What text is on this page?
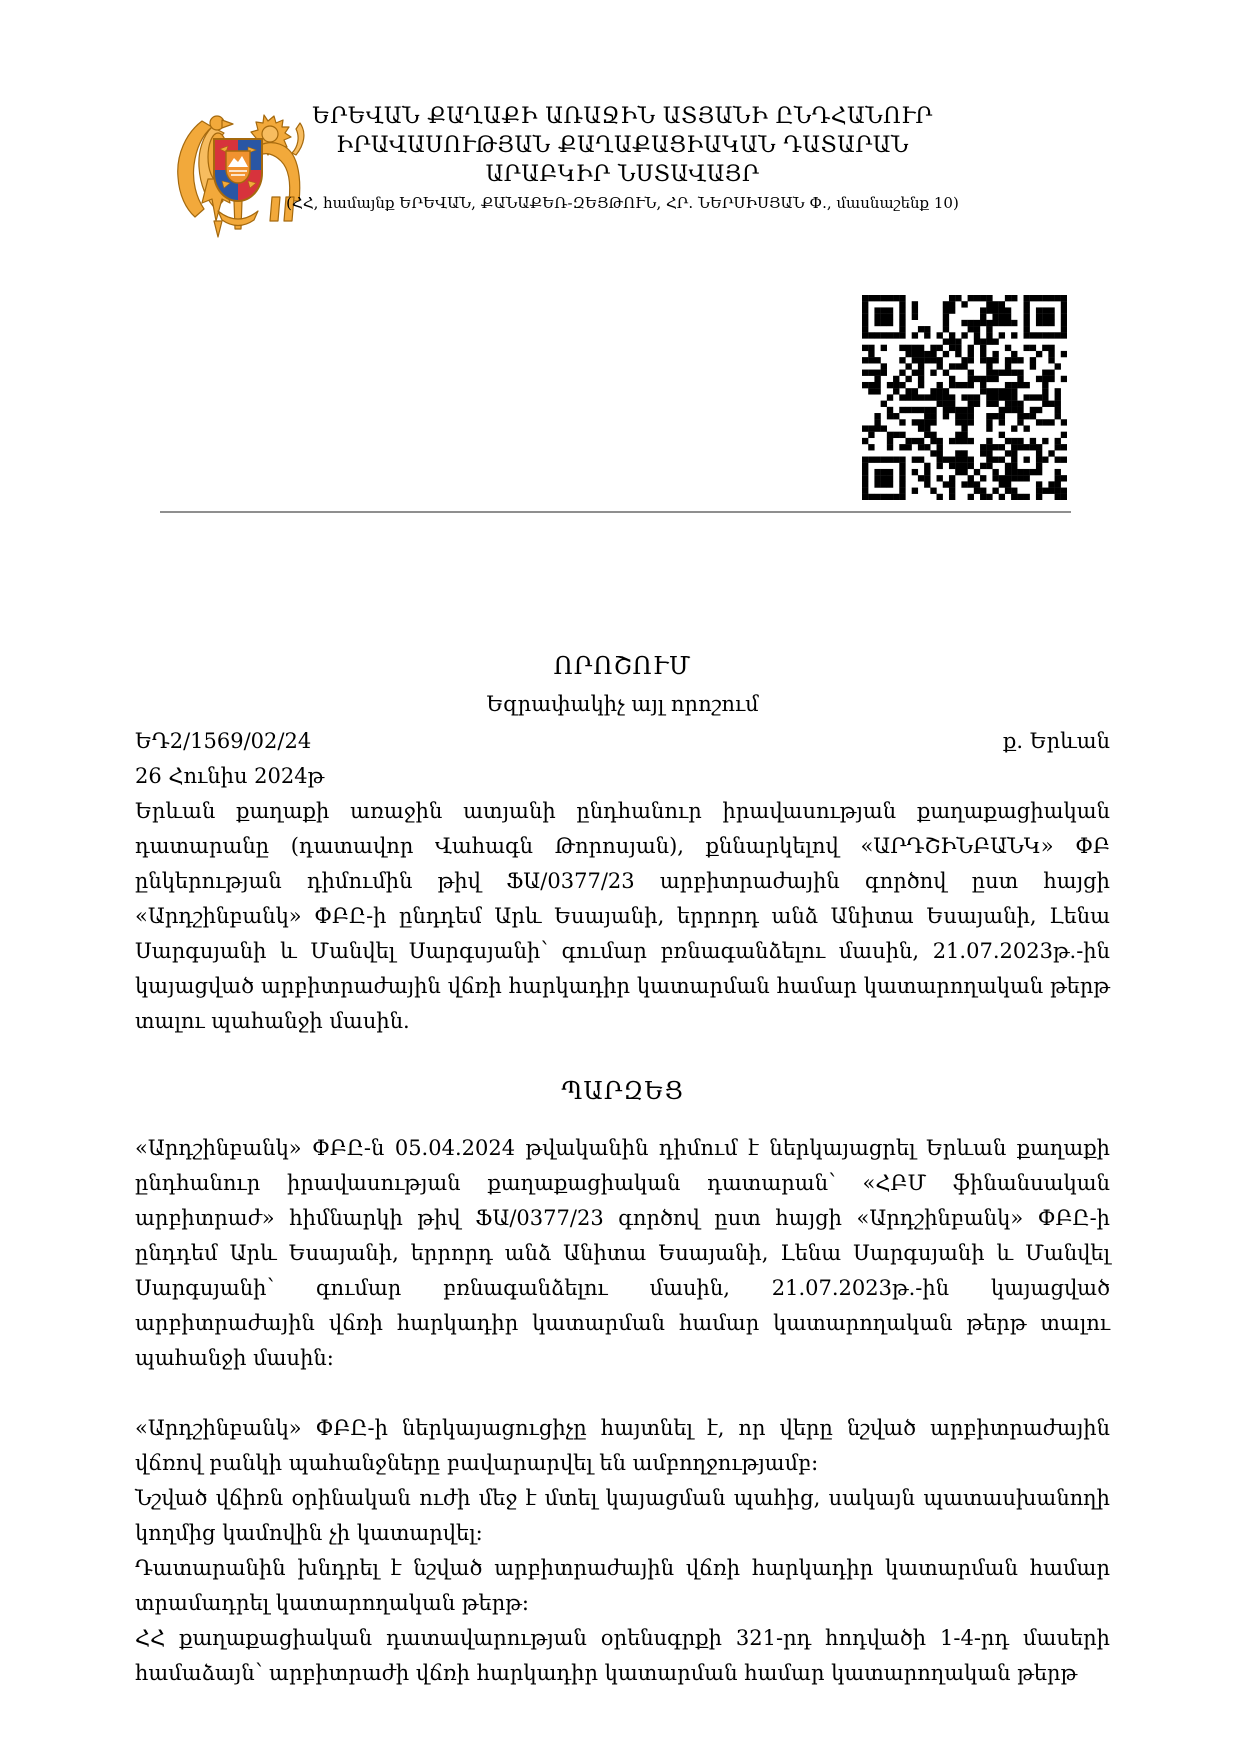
ԵՐԵՎԱՆ ՔԱՂԱՔԻ ԱՌԱՋԻՆ ԱՏՅԱՆԻ ԸՆԴՀԱՆՈՒՐ
ԻՐԱՎԱՍՈՒԹՅԱՆ ՔԱՂԱՔԱՑԻԱԿԱՆ ԴԱՏԱՐԱՆ
ԱՐԱԲԿԻՐ ՆՍՏԱՎԱՅՐ
(ՀՀ, համայնք ԵՐԵՎԱՆ, ՔԱՆԱՔԵՌ-ԶԵՅԹՈՒՆ, ՀՐ. ՆԵՐՍԻՍՅԱՆ Փ., մասնաշենք 10)
ՈՐՈՇՈՒՄ
Եզրափակիչ այլ որոշում
ԵԴ2/1569/02/24	ք. Երևան
26 Հունիս 2024թ

Երևան քաղաքի առաջին ատյանի ընդհանուր իրավասության քաղաքացիական դատարանը (դատավոր Վահագն Թորոսյան), քննարկելով «ԱՐԴՇԻՆԲԱՆԿ» ՓԲ ընկերության դիմումին թիվ ՖԱ/0377/23 արբիտրաժային գործով ըստ հայցի «Արդշինբանկ» ՓԲԸ-ի ընդդեմ Արև Եսայանի, երրորդ անձ Անիտա Եսայանի, Լենա Սարգսյանի և Մանվել Սարգսյանի՝ գումար բռնագանձելու մասին, 21.07.2023թ.-ին կայացված արբիտրաժային վճռի հարկադիր կատարման համար կատարողական թերթ տալու պահանջի մասին.

ՊԱՐԶԵՑ

«Արդշինբանկ» ՓԲԸ-ն 05.04.2024 թվականին դիմում է ներկայացրել Երևան քաղաքի ընդհանուր իրավասության քաղաքացիական դատարան՝ «ՀԲՄ ֆինանսական արբիտրաժ» հիմնարկի թիվ ՖԱ/0377/23 գործով ըստ հայցի «Արդշինբանկ» ՓԲԸ-ի ընդդեմ Արև Եսայանի, երրորդ անձ Անիտա Եսայանի, Լենա Սարգսյանի և Մանվել Սարգսյանի՝ գումար բռնագանձելու մասին, 21.07.2023թ.-ին կայացված արբիտրաժային վճռի հարկադիր կատարման համար կատարողական թերթ տալու պահանջի մասին։

«Արդշինբանկ» ՓԲԸ-ի ներկայացուցիչը հայտնել է, որ վերը նշված արբիտրաժային վճռով բանկի պահանջները բավարարվել են ամբողջությամբ։

Նշված վճիռն օրինական ուժի մեջ է մտել կայացման պահից, սակայն պատասխանողի կողմից կամովին չի կատարվել։

Դատարանին խնդրել է նշված արբիտրաժային վճռի հարկադիր կատարման համար տրամադրել կատարողական թերթ։

ՀՀ քաղաքացիական դատավարության օրենսգրքի 321-րդ հոդվածի 1-4-րդ մասերի համաձայն՝ արբիտրաժի վճռի հարկադիր կատարման համար կատարողական թերթ
